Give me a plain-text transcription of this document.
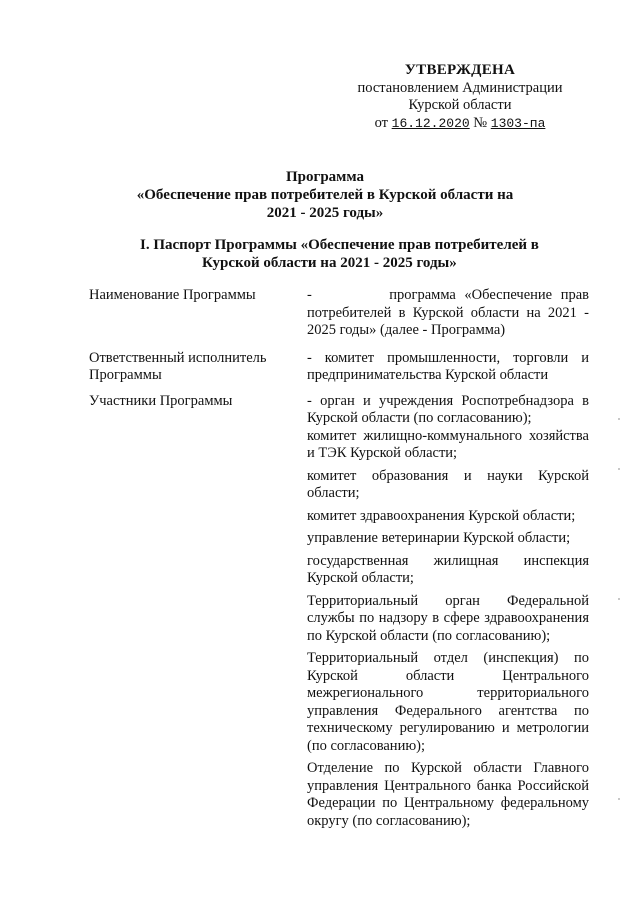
УТВЕРЖДЕНА
постановлением Администрации
Курской области
от 16.12.2020 № 1303-па
Программа
«Обеспечение прав потребителей в Курской области на
2021 - 2025 годы»
I. Паспорт Программы «Обеспечение прав потребителей в
Курской области на 2021 - 2025 годы»
Наименование Программы	-         программа «Обеспечение прав потребителей в Курской области на 2021 - 2025 годы» (далее - Программа)
Ответственный исполнитель Программы
- комитет промышленности, торговли и предпринимательства Курской области
Участники Программы	- орган и учреждения Роспотребнадзора в Курской области (по согласованию);
комитет жилищно-коммунального хозяйства и ТЭК Курской области;
комитет образования и науки Курской области;
комитет здравоохранения Курской области;
управление ветеринарии Курской области;
государственная жилищная инспекция Курской области;
Территориальный орган Федеральной службы по надзору в сфере здравоохранения по Курской области (по согласованию);
Территориальный отдел (инспекция) по Курской области Центрального межрегионального территориального управления Федерального агентства по техническому регулированию и метрологии (по согласованию);
Отделение по Курской области Главного управления Центрального банка Российской Федерации по Центральному федеральному округу (по согласованию);
